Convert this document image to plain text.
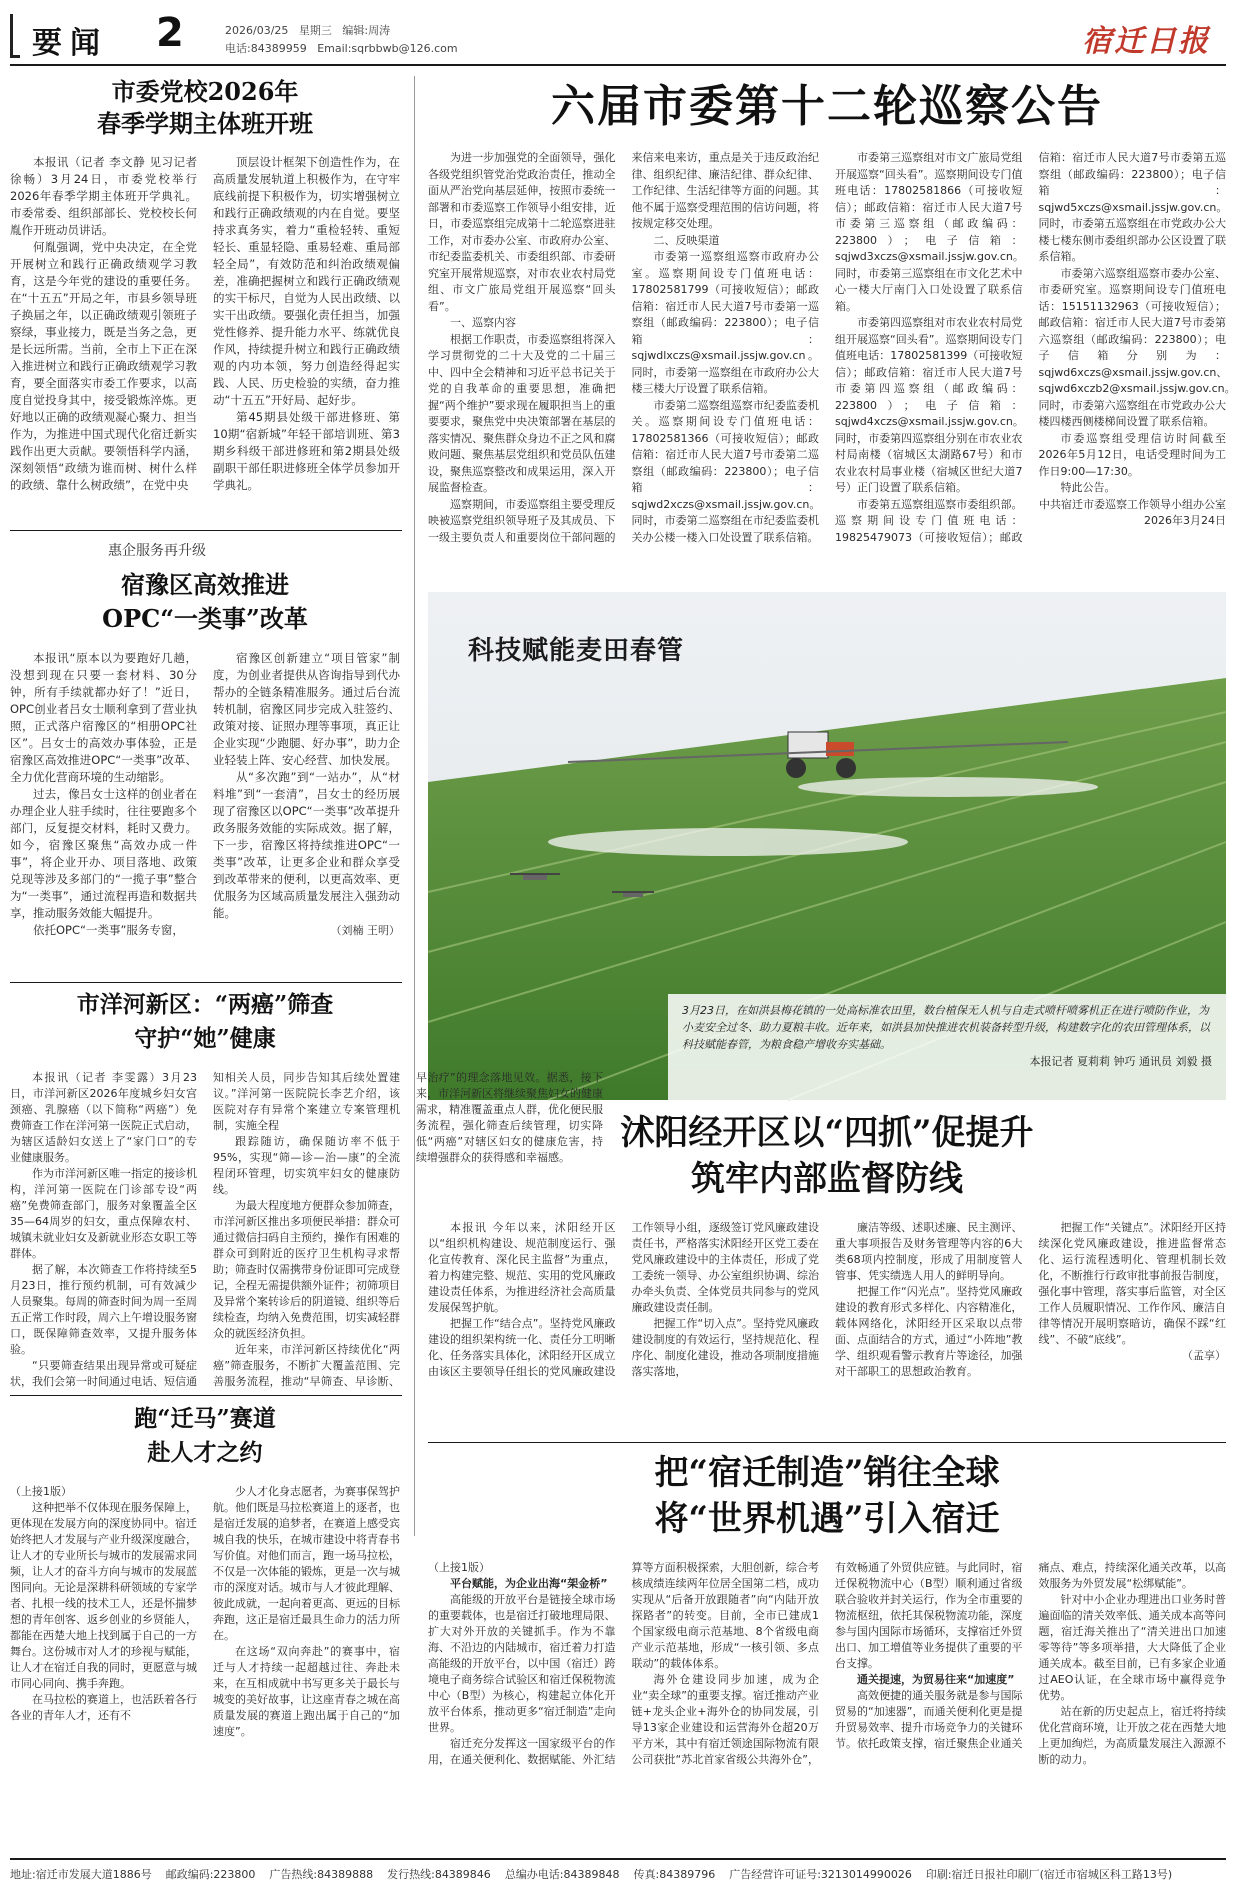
要闻 2	2026/03/25 星期三 编辑:周涛
电话:84389959 Email:sqrbbwb@126.com	宿迁日报
市委党校2026年
春季学期主体班开班

本报讯（记者 李文静 见习记者 徐畅）3月24日，市委党校举行2026年春季学期主体班开学典礼。市委常委、组织部部长、党校校长何胤作开班动员讲话。

何胤强调，党中央决定，在全党开展树立和践行正确政绩观学习教育，这是今年党的建设的重要任务。在“十五五”开局之年，市县乡领导班子换届之年，以正确政绩观引领班子察绿，事业接力，既是当务之急，更是长远所需。当前，全市上下正在深入推进树立和践行正确政绩观学习教育，要全面落实市委工作要求，以高度自觉投身其中，接受锻炼淬炼。更好地以正确的政绩观凝心聚力、担当作为，为推进中国式现代化宿迁新实践作出更大贡献。要领悟科学内涵，深刻领悟“政绩为谁而树、树什么样的政绩、靠什么树政绩”，在党中央

顶层设计框架下创造性作为，在高质量发展轨道上积极作为，在守牢底线前提下积极作为，切实增强树立和践行正确政绩观的内在自觉。要坚持求真务实，着力“重检轻转、重短轻长、重显轻隐、重易轻难、重局部轻全局”，有效防范和纠治政绩观偏差，准确把握树立和践行正确政绩观的实干标尺，自觉为人民出政绩、以实干出政绩。要强化责任担当，加强党性修养、提升能力水平、练就优良作风，持续提升树立和践行正确政绩观的内功本领，努力创造经得起实践、人民、历史检验的实绩，奋力推动“十五五”开好局、起好步。

第45期县处级干部进修班、第10期“宿新城”年轻干部培训班、第3期乡科级干部进修班和第2期县处级副职干部任职进修班全体学员参加开学典礼。

六届市委第十二轮巡察公告

为进一步加强党的全面领导，强化各级党组织管党治党政治责任，推动全面从严治党向基层延伸，按照市委统一部署和市委巡察工作领导小组安排，近日，市委巡察组完成第十二轮巡察进驻工作，对市委办公室、市政府办公室、市纪委监委机关、市委组织部、市委研究室开展常规巡察，对市农业农村局党组、市文广旅局党组开展巡察“回头看”。

一、巡察内容

根据工作职责，市委巡察组将深入学习贯彻党的二十大及党的二十届三中、四中全会精神和习近平总书记关于党的自我革命的重要思想，准确把握“两个维护”要求现在履职担当上的重要要求，聚焦党中央决策部署在基层的落实情况、聚焦群众身边不正之风和腐败问题、聚焦基层党组织和党员队伍建设，聚焦巡察整改和成果运用，深入开展监督检查。

巡察期间，市委巡察组主要受理反映被巡察党组织领导班子及其成员、下一级主要负责人和重要岗位干部问题的来信来电来访，重点是关于违反政治纪律、组织纪律、廉洁纪律、群众纪律、工作纪律、生活纪律等方面的问题。其他不属于巡察受理范围的信访问题，将按规定移交处理。

二、反映渠道

市委第一巡察组巡察市政府办公室。巡察期间设专门值班电话：17802581799（可接收短信）；邮政信箱：宿迁市人民大道7号市委第一巡察组（邮政编码：223800）；电子信箱：sqjwdlxczs@xsmail.jssjw.gov.cn。同时，市委第一巡察组在市政府办公大楼三楼大厅设置了联系信箱。

市委第二巡察组巡察市纪委监委机关。巡察期间设专门值班电话：17802581366（可接收短信）；邮政信箱：宿迁市人民大道7号市委第二巡察组（邮政编码：223800）；电子信箱：sqjwd2xczs@xsmail.jssjw.gov.cn。同时，市委第二巡察组在市纪委监委机关办公楼一楼入口处设置了联系信箱。

市委第三巡察组对市文广旅局党组开展巡察“回头看”。巡察期间设专门值班电话：17802581866（可接收短信）；邮政信箱：宿迁市人民大道7号市委第三巡察组（邮政编码：223800）；电子信箱：sqjwd3xczs@xsmail.jssjw.gov.cn。同时，市委第三巡察组在市文化艺术中心一楼大厅南门入口处设置了联系信箱。

市委第四巡察组对市农业农村局党组开展巡察“回头看”。巡察期间设专门值班电话：17802581399（可接收短信）；邮政信箱：宿迁市人民大道7号市委第四巡察组（邮政编码：223800）；电子信箱：sqjwd4xczs@xsmail.jssjw.gov.cn。同时，市委第四巡察组分别在市农业农村局南楼（宿城区太湖路67号）和市农业农村局事业楼（宿城区世纪大道7号）正门设置了联系信箱。

市委第五巡察组巡察市委组织部。巡察期间设专门值班电话：19825479073（可接收短信）；邮政信箱：宿迁市人民大道7号市委第五巡察组（邮政编码：223800）；电子信箱：sqjwd5xczs@xsmail.jssjw.gov.cn。同时，市委第五巡察组在市党政办公大楼七楼东侧市委组织部办公区设置了联系信箱。

市委第六巡察组巡察市委办公室、市委研究室。巡察期间设专门值班电话：15151132963（可接收短信）；邮政信箱：宿迁市人民大道7号市委第六巡察组（邮政编码：223800）；电子信箱分别为：sqjwd6xczs@xsmail.jssjw.gov.cn、sqjwd6xczb2@xsmail.jssjw.gov.cn。同时，市委第六巡察组在市党政办公大楼四楼西侧楼梯间设置了联系信箱。

市委巡察组受理信访时间截至2026年5月12日，电话受理时间为工作日9:00—17:30。

特此公告。

中共宿迁市委巡察工作领导小组办公室

2026年3月24日

惠企服务再升级
宿豫区高效推进
OPC“一类事”改革

本报讯“原本以为要跑好几趟，没想到现在只要一套材料、30分钟，所有手续就都办好了！”近日，OPC创业者吕女士顺利拿到了营业执照，正式落户宿豫区的“相册OPC社区”。吕女士的高效办事体验，正是宿豫区高效推进OPC“一类事”改革、全力优化营商环境的生动缩影。

过去，像吕女士这样的创业者在办理企业人驻手续时，往往要跑多个部门，反复提交材料，耗时又费力。如今，宿豫区聚焦“高效办成一件事”，将企业开办、项目落地、政策兑现等涉及多部门的“一揽子事”整合为“一类事”，通过流程再造和数据共享，推动服务效能大幅提升。

依托OPC“一类事”服务专窗，

宿豫区创新建立“项目管家”制度，为创业者提供从咨询指导到代办帮办的全链条精准服务。通过后台流转机制，宿豫区同步完成入驻签约、政策对接、证照办理等事项，真正让企业实现“少跑腿、好办事”，助力企业轻装上阵、安心经营、加快发展。

从“多次跑”到“一站办”，从“材料堆”到“一套清”，吕女士的经历展现了宿豫区以OPC“一类事”改革提升政务服务效能的实际成效。据了解，下一步，宿豫区将持续推进OPC“一类事”改革，让更多企业和群众享受到改革带来的便利，以更高效率、更优服务为区域高质量发展注入强劲动能。

（刘楠 王明）

科技赋能麦田春管
3月23日，在如洪县梅花镇的一处高标准农田里，数台植保无人机与自走式喷杆喷雾机正在进行喷防作业，为小麦安全过冬、助力夏粮丰收。近年来，如洪县加快推进农机装备转型升级，构建数字化的农田管理体系，以科技赋能春管，为粮食稳产增收夯实基础。
本报记者 夏莉莉 钟巧 通讯员 刘毅 摄
市洋河新区：“两癌”筛查
守护“她”健康

本报讯（记者 李雯露）3月23日，市洋河新区2026年度城乡妇女宫颈癌、乳腺癌（以下简称“两癌”）免费筛查工作在洋河第一医院正式启动，为辖区适龄妇女送上了“家门口”的专业健康服务。

作为市洋河新区唯一指定的接诊机构，洋河第一医院在门诊部专设“两癌”免费筛查部门，服务对象覆盖全区35—64周岁的妇女，重点保障农村、城镇未就业妇女及新就业形态女职工等群体。

据了解，本次筛查工作将持续至5月23日，推行预约机制，可有效减少人员聚集。每周的筛查时间为周一至周五正常工作时段，周六上午增设服务窗口，既保障筛查效率，又提升服务体验。

“只要筛查结果出现异常或可疑症状，我们会第一时间通过电话、短信通知相关人员，同步告知其后续处置建议。”洋河第一医院院长李艺介绍，该医院对存有异常个案建立专案管理机制，实施全程

跟踪随访，确保随访率不低于95%，实现“筛—诊—治—康”的全流程闭环管理，切实筑牢妇女的健康防线。

为最大程度地方便群众参加筛查，市洋河新区推出多项便民举措：群众可通过微信扫码自主预约，操作有困难的群众可到附近的医疗卫生机构寻求帮助；筛查时仅需携带身份证即可完成登记，全程无需提供额外证件；初筛项目及异常个案转诊后的阴道镜、组织等后续检查，均纳入免费范围，切实减轻群众的就医经济负担。

近年来，市洋河新区持续优化“两癌”筛查服务，不断扩大覆盖范围、完善服务流程，推动“早筛查、早诊断、早治疗”的理念落地见效。据悉，接下来，市洋河新区将继续聚焦妇女的健康需求，精准覆盖重点人群，优化便民服务流程，强化筛查后续管理，切实降低“两癌”对辖区妇女的健康危害，持续增强群众的获得感和幸福感。

沭阳经开区以“四抓”促提升
筑牢内部监督防线

本报讯 今年以来，沭阳经开区以“组织机构建设、规范制度运行、强化宣传教育、深化民主监督”为重点，着力构建完整、规范、实用的党风廉政建设责任体系，为推进经济社会高质量发展保驾护航。

把握工作“结合点”。坚持党风廉政建设的组织架构统一化、责任分工明晰化、任务落实具体化，沭阳经开区成立由该区主要领导任组长的党风廉政建设工作领导小组，逐级签订党风廉政建设责任书，严格落实沭阳经开区党工委在党风廉政建设中的主体责任，形成了党工委统一领导、办公室组织协调、综治办牵头负责、全体党员共同参与的党风廉政建设责任制。

把握工作“切入点”。坚持党风廉政建设制度的有效运行，坚持规范化、程序化、制度化建设，推动各项制度措施落实落地，

廉洁等级、述职述廉、民主测评、重大事项报告及财务管理等内容的6大类68项内控制度，形成了用制度管人管事、凭实绩选人用人的鲜明导向。

把握工作“闪光点”。坚持党风廉政建设的教育形式多样化、内容精准化，载体网络化，沭阳经开区采取以点带面、点面结合的方式，通过“小阵地”教学、组织观看警示教育片等途径，加强对干部职工的思想政治教育。

把握工作“关键点”。沭阳经开区持续深化党风廉政建设，推进监督常态化、运行流程透明化、管理机制长效化，不断推行行政审批事前报告制度，强化事中管理，落实事后监管，对全区工作人员履职情况、工作作风、廉洁自律等情况开展明察暗访，确保不踩“红线”、不破“底线”。

（孟享）

跑“迁马”赛道
赴人才之约

（上接1版）

这种把举不仅体现在服务保障上，更体现在发展方向的深度协同中。宿迁始终把人才发展与产业升级深度融合，让人才的专业所长与城市的发展需求同频，让人才的奋斗方向与城市的发展蓝图同向。无论是深耕科研领域的专家学者、扎根一线的技术工人，还是怀揣梦想的青年创客、返乡创业的乡贤能人，都能在西楚大地上找到属于自己的一方舞台。这份城市对人才的珍视与赋能，让人才在宿迁自我的同时，更愿意与城市同心同向、携手奔跑。

在马拉松的赛道上，也活跃着各行各业的青年人才，还有不

少人才化身志愿者，为赛事保驾护航。他们既是马拉松赛道上的逐者，也是宿迁发展的追梦者，在赛道上感受宾城自我的快乐，在城市建设中将青春书写价值。对他们而言，跑一场马拉松，不仅是一次体能的锻炼，更是一次与城市的深度对话。城市与人才彼此理解、彼此成就，一起向着更高、更远的目标奔跑，这正是宿迁最具生命力的活力所在。

在这场“双向奔赴”的赛事中，宿迁与人才持续一起超越过往、奔赴未来，在互相成就中书写更多关于最长与城变的美好故事，让这座青春之城在高质量发展的赛道上跑出属于自己的“加速度”。

把“宿迁制造”销往全球
将“世界机遇”引入宿迁

（上接1版）

平台赋能，为企业出海“架金桥”

高能级的开放平台是链接全球市场的重要载体，也是宿迁打破地理局限、扩大对外开放的关键抓手。作为不靠海、不沿边的内陆城市，宿迁着力打造高能级的开放平台，以中国（宿迁）跨境电子商务综合试验区和宿迁保税物流中心（B型）为核心，构建起立体化开放平台体系，推动更多“宿迁制造”走向世界。

宿迁充分发挥这一国家级平台的作用，在通关便利化、数据赋能、外汇结算等方面积极探索，大胆创新，综合考核成绩连续两年位居全国第二档，成功实现从“后备开放跟随者”向“内陆开放探路者”的转变。目前，全市已建成1个国家级电商示范基地、8个省级电商产业示范基地，形成“一核引领、多点联动”的载体体系。

海外仓建设同步加速，成为企业“卖全球”的重要支撑。宿迁推动产业链+龙头企业+海外仓的协同发展，引导13家企业建设和运营海外仓超20万平方米，其中有宿迁领途国际物流有限公司获批“苏北首家省级公共海外仓”，有效畅通了外贸供应链。与此同时，宿迁保税物流中心（B型）顺利通过省级联合验收并封关运行，作为全市重要的物流枢纽，依托其保税物流功能，深度参与国内国际市场循环，支撑宿迁外贸出口、加工增值等业务提供了重要的平台支撑。

通关提速，为贸易往来“加速度”

高效便捷的通关服务就是参与国际贸易的“加速器”，而通关便利化更是提升贸易效率、提升市场竞争力的关键环节。依托政策支撑，宿迁聚焦企业通关痛点、难点，持续深化通关改革，以高效服务为外贸发展“松绑赋能”。

针对中小企业办理进出口业务时普遍面临的清关效率低、通关成本高等问题，宿迁海关推出了“清关进出口加速零等待”等多项举措，大大降低了企业通关成本。截至目前，已有多家企业通过AEO认证，在全球市场中赢得竞争优势。

站在新的历史起点上，宿迁将持续优化营商环境，让开放之花在西楚大地上更加绚烂，为高质量发展注入源源不断的动力。

地址:宿迁市发展大道1886号 邮政编码:223800 广告热线:84389888 发行热线:84389846 总编办电话:84389848 传真:84389796 广告经营许可证号:3213014990026 印刷:宿迁日报社印刷厂(宿迁市宿城区科工路13号)
